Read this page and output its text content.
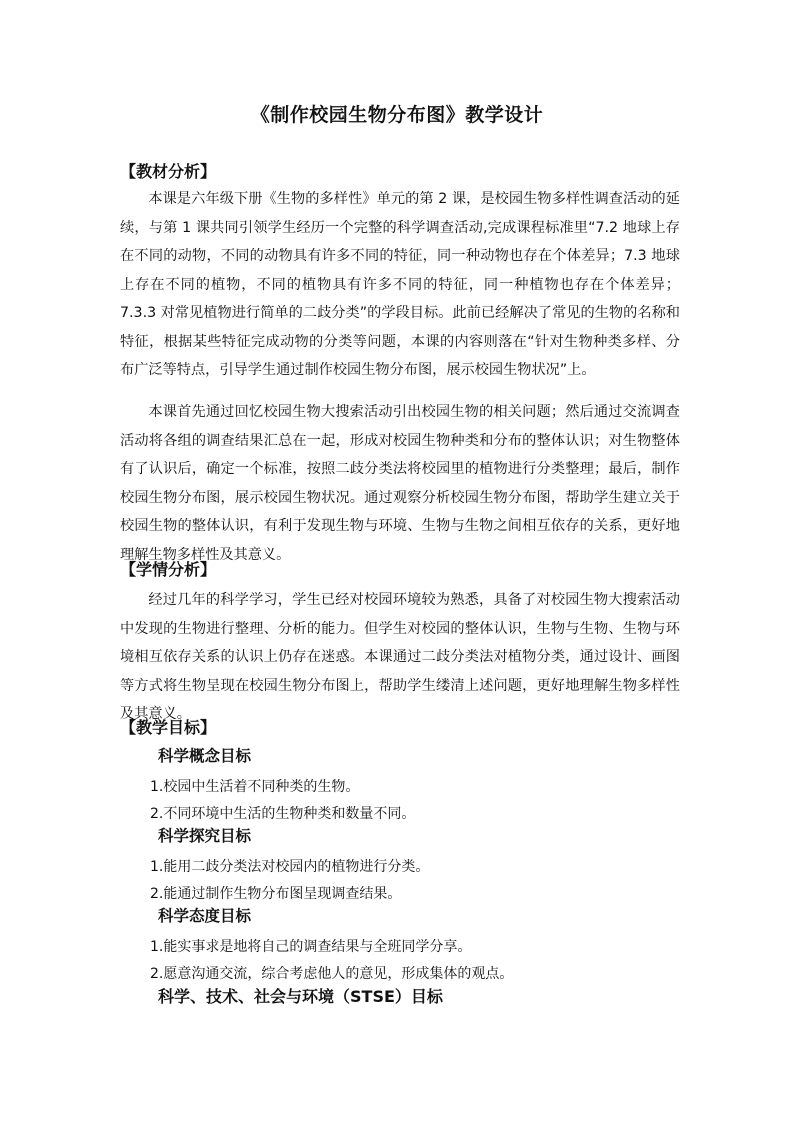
《制作校园生物分布图》教学设计
【教材分析】
本课是六年级下册《生物的多样性》单元的第 2 课，是校园生物多样性调查活动的延续，与第 1 课共同引领学生经历一个完整的科学调查活动,完成课程标准里“7.2 地球上存在不同的动物，不同的动物具有许多不同的特征，同一种动物也存在个体差异；7.3 地球上存在不同的植物，不同的植物具有许多不同的特征，同一种植物也存在个体差异；7.3.3 对常见植物进行简单的二歧分类”的学段目标。此前已经解决了常见的生物的名称和特征，根据某些特征完成动物的分类等问题，本课的内容则落在“针对生物种类多样、分布广泛等特点，引导学生通过制作校园生物分布图，展示校园生物状况”上。
本课首先通过回忆校园生物大搜索活动引出校园生物的相关问题；然后通过交流调查活动将各组的调查结果汇总在一起，形成对校园生物种类和分布的整体认识；对生物整体有了认识后，确定一个标准，按照二歧分类法将校园里的植物进行分类整理；最后，制作校园生物分布图，展示校园生物状况。通过观察分析校园生物分布图，帮助学生建立关于校园生物的整体认识，有利于发现生物与环境、生物与生物之间相互依存的关系，更好地理解生物多样性及其意义。
【学情分析】
经过几年的科学学习，学生已经对校园环境较为熟悉，具备了对校园生物大搜索活动中发现的生物进行整理、分析的能力。但学生对校园的整体认识，生物与生物、生物与环境相互依存关系的认识上仍存在迷惑。本课通过二歧分类法对植物分类，通过设计、画图等方式将生物呈现在校园生物分布图上，帮助学生缕清上述问题，更好地理解生物多样性及其意义。
【教学目标】
科学概念目标
1.校园中生活着不同种类的生物。
2.不同环境中生活的生物种类和数量不同。
科学探究目标
1.能用二歧分类法对校园内的植物进行分类。
2.能通过制作生物分布图呈现调查结果。
科学态度目标
1.能实事求是地将自己的调查结果与全班同学分享。
2.愿意沟通交流，综合考虑他人的意见，形成集体的观点。
科学、技术、社会与环境（STSE）目标
